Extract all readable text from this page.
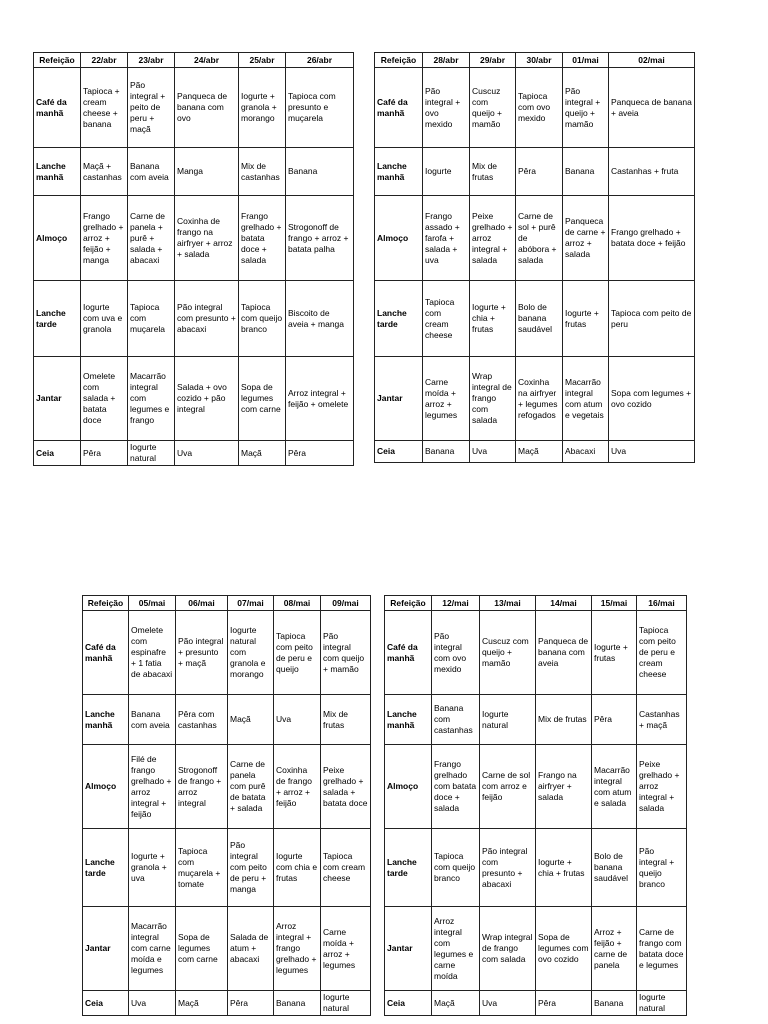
Refeição	22/abr	23/abr	24/abr	25/abr	26/abr
Café da manhã	Tapioca + cream cheese + banana	Pão integral + peito de peru + maçã	Panqueca de banana com ovo	Iogurte + granola + morango	Tapioca com presunto e muçarela
Lanche manhã	Maçã + castanhas	Banana com aveia	Manga	Mix de castanhas	Banana
Almoço	Frango grelhado + arroz + feijão + manga	Carne de panela + purê + salada + abacaxi	Coxinha de frango na airfryer + arroz + salada	Frango grelhado + batata doce + salada	Strogonoff de frango + arroz + batata palha
Lanche tarde	Iogurte com uva e granola	Tapioca com muçarela	Pão integral com presunto + abacaxi	Tapioca com queijo branco	Biscoito de aveia + manga
Jantar	Omelete com salada + batata doce	Macarrão integral com legumes e frango	Salada + ovo cozido + pão integral	Sopa de legumes com carne	Arroz integral + feijão + omelete
Ceia	Pêra	Iogurte natural	Uva	Maçã	Pêra
Refeição	28/abr	29/abr	30/abr	01/mai	02/mai
Café da manhã	Pão integral + ovo mexido	Cuscuz com queijo + mamão	Tapioca com ovo mexido	Pão integral + queijo + mamão	Panqueca de banana + aveia
Lanche manhã	Iogurte	Mix de frutas	Pêra	Banana	Castanhas + fruta
Almoço	Frango assado + farofa + salada + uva	Peixe grelhado + arroz integral + salada	Carne de sol + purê de abóbora + salada	Panqueca de carne + arroz + salada	Frango grelhado + batata doce + feijão
Lanche tarde	Tapioca com cream cheese	Iogurte + chia + frutas	Bolo de banana saudável	Iogurte + frutas	Tapioca com peito de peru
Jantar	Carne moída + arroz + legumes	Wrap integral de frango com salada	Coxinha na airfryer + legumes refogados	Macarrão integral com atum e vegetais	Sopa com legumes + ovo cozido
Ceia	Banana	Uva	Maçã	Abacaxi	Uva
Refeição	05/mai	06/mai	07/mai	08/mai	09/mai
Café da manhã	Omelete com espinafre + 1 fatia de abacaxi	Pão integral + presunto + maçã	Iogurte natural com granola e morango	Tapioca com peito de peru e queijo	Pão integral com queijo + mamão
Lanche manhã	Banana com aveia	Pêra com castanhas	Maçã	Uva	Mix de frutas
Almoço	Filé de frango grelhado + arroz integral + feijão	Strogonoff de frango + arroz integral	Carne de panela com purê de batata + salada	Coxinha de frango + arroz + feijão	Peixe grelhado + salada + batata doce
Lanche tarde	Iogurte + granola + uva	Tapioca com muçarela + tomate	Pão integral com peito de peru + manga	Iogurte com chia e frutas	Tapioca com cream cheese
Jantar	Macarrão integral com carne moída e legumes	Sopa de legumes com carne	Salada de atum + abacaxi	Arroz integral + frango grelhado + legumes	Carne moída + arroz + legumes
Ceia	Uva	Maçã	Pêra	Banana	Iogurte natural
Refeição	12/mai	13/mai	14/mai	15/mai	16/mai
Café da manhã	Pão integral com ovo mexido	Cuscuz com queijo + mamão	Panqueca de banana com aveia	Iogurte + frutas	Tapioca com peito de peru e cream cheese
Lanche manhã	Banana com castanhas	Iogurte natural	Mix de frutas	Pêra	Castanhas + maçã
Almoço	Frango grelhado com batata doce + salada	Carne de sol com arroz e feijão	Frango na airfryer + salada	Macarrão integral com atum e salada	Peixe grelhado + arroz integral + salada
Lanche tarde	Tapioca com queijo branco	Pão integral com presunto + abacaxi	Iogurte + chia + frutas	Bolo de banana saudável	Pão integral + queijo branco
Jantar	Arroz integral com legumes e carne moída	Wrap integral de frango com salada	Sopa de legumes com ovo cozido	Arroz + feijão + carne de panela	Carne de frango com batata doce e legumes
Ceia	Maçã	Uva	Pêra	Banana	Iogurte natural
